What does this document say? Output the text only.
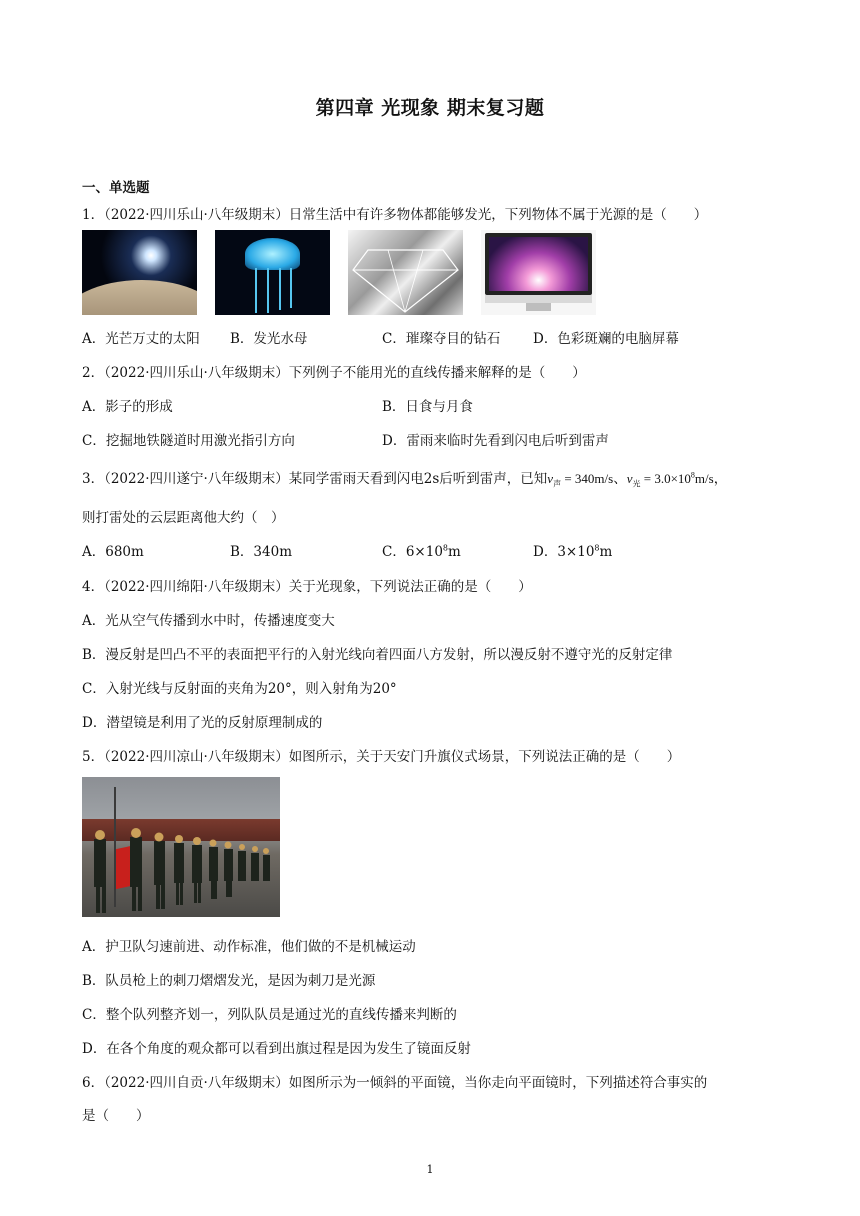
第四章 光现象 期末复习题
一、单选题
1．（2022·四川乐山·八年级期末）日常生活中有许多物体都能够发光，下列物体不属于光源的是（　　）
A．光芒万丈的太阳 B．发光水母	C．璀璨夺目的钻石 D．色彩斑斓的电脑屏幕
2．（2022·四川乐山·八年级期末）下列例子不能用光的直线传播来解释的是（　　）
A．影子的形成	B．日食与月食
C．挖掘地铁隧道时用激光指引方向	D．雷雨来临时先看到闪电后听到雷声
3．（2022·四川遂宁·八年级期末）某同学雷雨天看到闪电2s后听到雷声，已知$v_声 = 340m/s$、$v_光 = 3.0\times 10^8m/s$，
则打雷处的云层距离他大约（　）
A．680m	B．340m	C．$6\times 10^8m$	D．$3\times 10^8m$
4．（2022·四川绵阳·八年级期末）关于光现象，下列说法正确的是（　　）
A．光从空气传播到水中时，传播速度变大
B．漫反射是凹凸不平的表面把平行的入射光线向着四面八方发射，所以漫反射不遵守光的反射定律
C．入射光线与反射面的夹角为20°，则入射角为20°
D．潜望镜是利用了光的反射原理制成的
5．（2022·四川凉山·八年级期末）如图所示，关于天安门升旗仪式场景，下列说法正确的是（　　）
A．护卫队匀速前进、动作标准，他们做的不是机械运动
B．队员枪上的刺刀熠熠发光，是因为刺刀是光源
C．整个队列整齐划一，列队队员是通过光的直线传播来判断的
D．在各个角度的观众都可以看到出旗过程是因为发生了镜面反射
6．（2022·四川自贡·八年级期末）如图所示为一倾斜的平面镜，当你走向平面镜时，下列描述符合事实的
是（　　）
1
